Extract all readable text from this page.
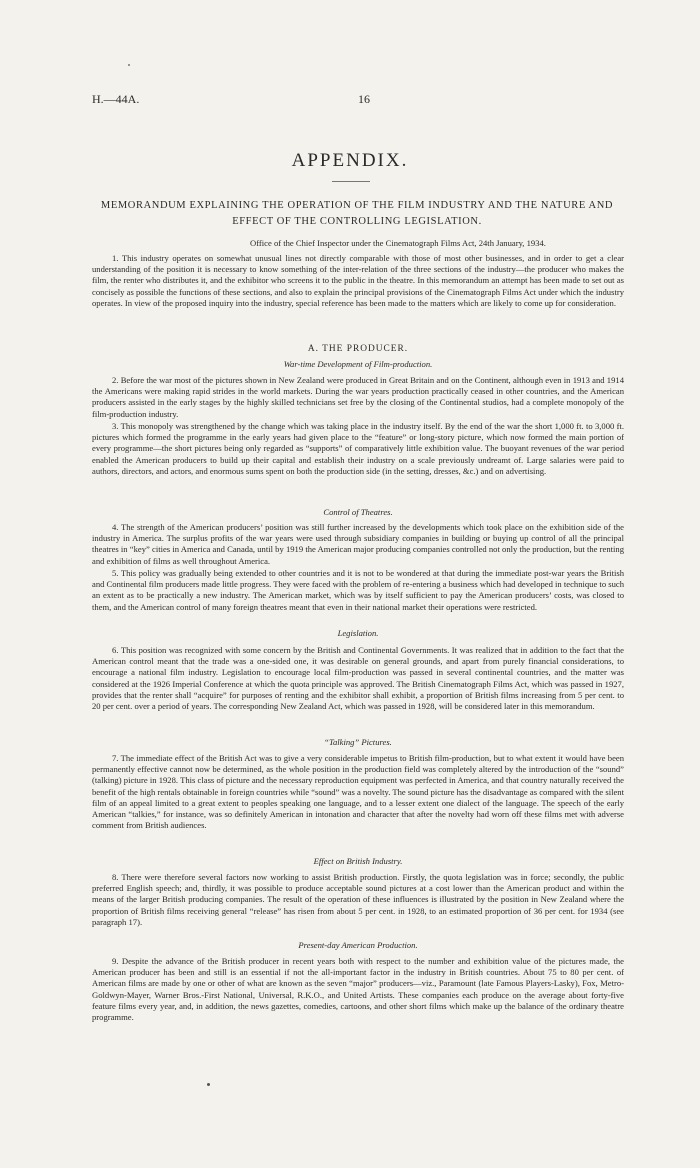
H.—44A.	16
APPENDIX.
MEMORANDUM EXPLAINING THE OPERATION OF THE FILM INDUSTRY AND THE NATURE AND EFFECT OF THE CONTROLLING LEGISLATION.
Office of the Chief Inspector under the Cinematograph Films Act, 24th January, 1934.

1. This industry operates on somewhat unusual lines not directly comparable with those of most other businesses, and in order to get a clear understanding of the position it is necessary to know something of the inter-relation of the three sections of the industry—the producer who makes the film, the renter who distributes it, and the exhibitor who screens it to the public in the theatre. In this memorandum an attempt has been made to set out as concisely as possible the functions of these sections, and also to explain the principal provisions of the Cinematograph Films Act under which the industry operates. In view of the proposed inquiry into the industry, special reference has been made to the matters which are likely to come up for consideration.

A. THE PRODUCER.
War-time Development of Film-production.

2. Before the war most of the pictures shown in New Zealand were produced in Great Britain and on the Continent, although even in 1913 and 1914 the Americans were making rapid strides in the world markets. During the war years production practically ceased in other countries, and the American producers assisted in the early stages by the highly skilled technicians set free by the closing of the Continental studios, had a complete monopoly of the film-production industry.

3. This monopoly was strengthened by the change which was taking place in the industry itself. By the end of the war the short 1,000 ft. to 3,000 ft. pictures which formed the programme in the early years had given place to the “feature” or long-story picture, which now formed the main portion of every programme—the short pictures being only regarded as “supports” of comparatively little exhibition value. The buoyant revenues of the war period enabled the American producers to build up their capital and establish their industry on a scale previously undreamt of. Large salaries were paid to authors, directors, and actors, and enormous sums spent on both the production side (in the setting, dresses, &c.) and on advertising.

Control of Theatres.

4. The strength of the American producers’ position was still further increased by the developments which took place on the exhibition side of the industry in America. The surplus profits of the war years were used through subsidiary companies in building or buying up control of all the principal theatres in “key” cities in America and Canada, until by 1919 the American major producing companies controlled not only the production, but the renting and exhibition of films as well throughout America.

5. This policy was gradually being extended to other countries and it is not to be wondered at that during the immediate post-war years the British and Continental film producers made little progress. They were faced with the problem of re-entering a business which had developed in technique to such an extent as to be practically a new industry. The American market, which was by itself sufficient to pay the American producers’ costs, was closed to them, and the American control of many foreign theatres meant that even in their national market their operations were restricted.

Legislation.

6. This position was recognized with some concern by the British and Continental Governments. It was realized that in addition to the fact that the American control meant that the trade was a one-sided one, it was desirable on general grounds, and apart from purely financial considerations, to encourage a national film industry. Legislation to encourage local film-production was passed in several continental countries, and the matter was considered at the 1926 Imperial Conference at which the quota principle was approved. The British Cinematograph Films Act, which was passed in 1927, provides that the renter shall “acquire” for purposes of renting and the exhibitor shall exhibit, a proportion of British films increasing from 5 per cent. to 20 per cent. over a period of years. The corresponding New Zealand Act, which was passed in 1928, will be considered later in this memorandum.

“Talking” Pictures.

7. The immediate effect of the British Act was to give a very considerable impetus to British film-production, but to what extent it would have been permanently effective cannot now be determined, as the whole position in the production field was completely altered by the introduction of the “sound” (talking) picture in 1928. This class of picture and the necessary reproduction equipment was perfected in America, and that country naturally received the benefit of the high rentals obtainable in foreign countries while “sound” was a novelty. The sound picture has the disadvantage as compared with the silent film of an appeal limited to a great extent to peoples speaking one language, and to a lesser extent one dialect of the language. The speech of the early American “talkies,” for instance, was so definitely American in intonation and character that after the novelty had worn off these films met with adverse comment from British audiences.

Effect on British Industry.

8. There were therefore several factors now working to assist British production. Firstly, the quota legislation was in force; secondly, the public preferred English speech; and, thirdly, it was possible to produce acceptable sound pictures at a cost lower than the American product and within the means of the larger British producing companies. The result of the operation of these influences is illustrated by the position in New Zealand where the proportion of British films receiving general “release” has risen from about 5 per cent. in 1928, to an estimated proportion of 36 per cent. for 1934 (see paragraph 17).

Present-day American Production.

9. Despite the advance of the British producer in recent years both with respect to the number and exhibition value of the pictures made, the American producer has been and still is an essential if not the all-important factor in the industry in British countries. About 75 to 80 per cent. of American films are made by one or other of what are known as the seven “major” producers—viz., Paramount (late Famous Players-Lasky), Fox, Metro-Goldwyn-Mayer, Warner Bros.-First National, Universal, R.K.O., and United Artists. These companies each produce on the average about forty-five feature films every year, and, in addition, the news gazettes, comedies, cartoons, and other short films which make up the balance of the ordinary theatre programme.
